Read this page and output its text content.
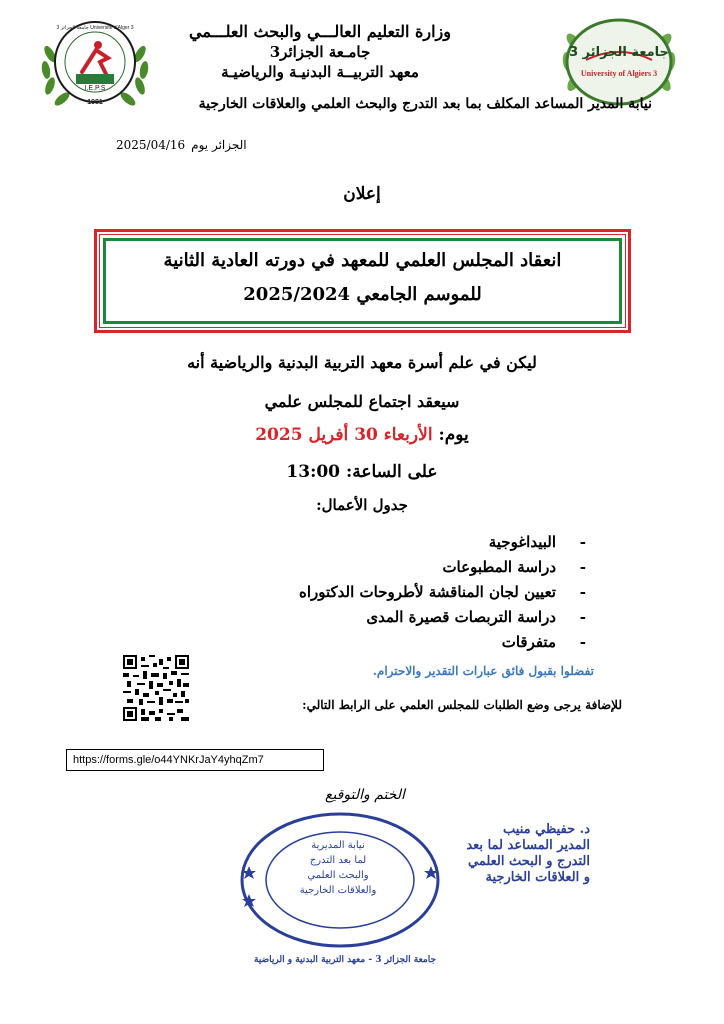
I.E.P.S
1981
جامعة الجزائر 3 Université d'Alger 3
جامعة الجزائر 3
University of Algiers 3
وزارة التعليم العالـــي والبحث العلـــمي
جامـعة الجزائر3
معهد التربيــة البدنيـة والرياضيـة
نيابة المدير المساعد المكلف بما بعد التدرج والبحث العلمي والعلاقات الخارجية
الجزائر يوم2025/04/16
إعلان
انعقاد المجلس العلمي للمعهد في دورته العادية الثانية
للموسم الجامعي 2025/2024
ليكن في علم أسرة معهد التربية البدنية والرياضية أنه
سيعقد اجتماع للمجلس علمي
يوم: الأربعاء 30 أفريل 2025
على الساعة: 13:00
جدول الأعمال:
-
البيداغوجية
-
دراسة المطبوعات
-
تعيين لجان المناقشة لأطروحات الدكتوراه
-
دراسة التربصات قصيرة المدى
-
متفرقات
تفضلوا بقبول فائق عبارات التقدير والاحترام.
للإضافة يرجى وضع الطلبات للمجلس العلمي على الرابط التالي:
https://forms.gle/o44YNKrJaY4yhqZm7
الختم والتوقيع
نيابة المديرية
لما بعد التدرج
والبحث العلمي
والعلاقات الخارجية
جامعة الجزائر 3 - معهد التربية البدنية و الرياضية
د. حفيظي منيب
المدير المساعد لما بعد
التدرج و البحث العلمي
و العلاقات الخارجية
